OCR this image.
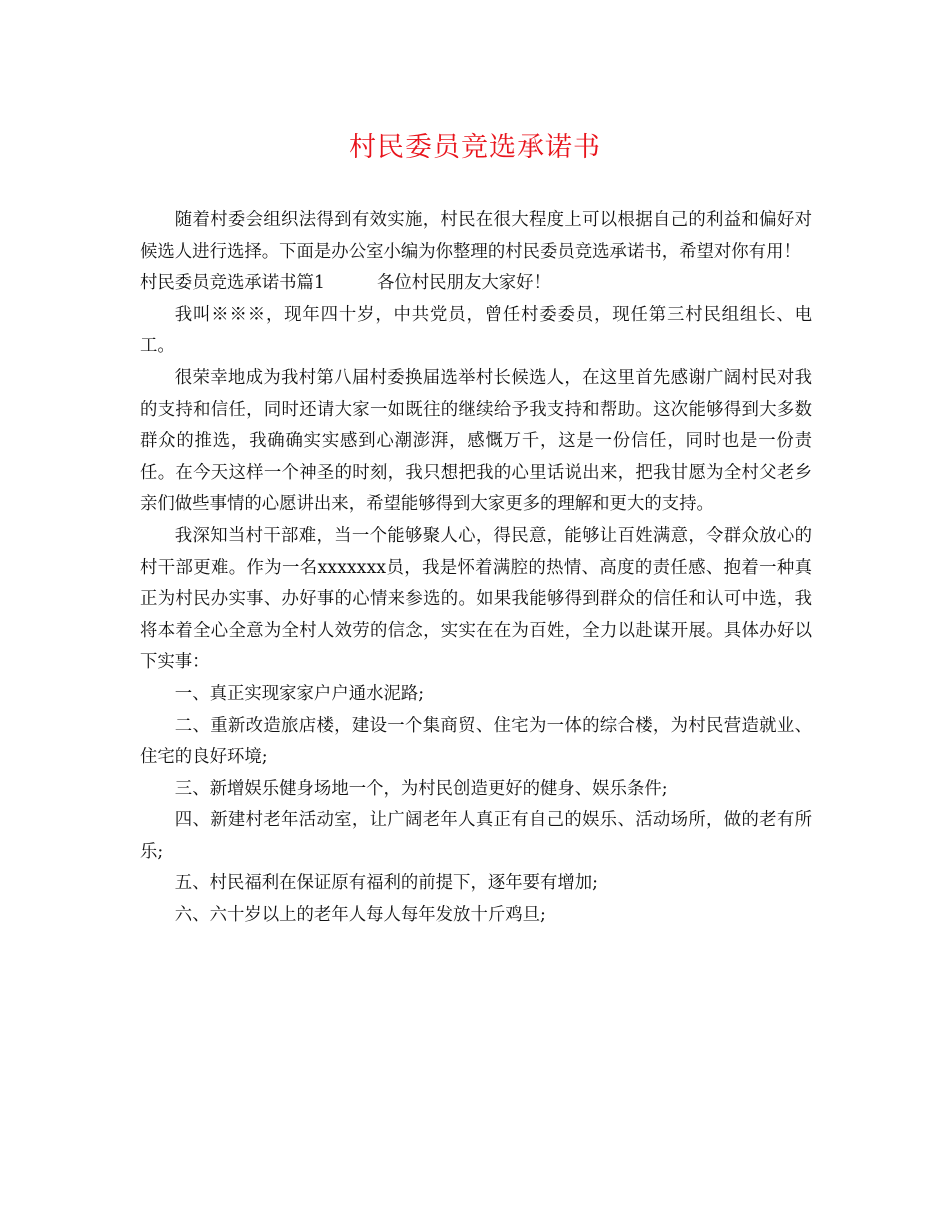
村民委员竞选承诺书

随着村委会组织法得到有效实施，村民在很大程度上可以根据自己的利益和偏好对候选人进行选择。下面是办公室小编为你整理的村民委员竞选承诺书，希望对你有用！

村民委员竞选承诺书篇1	各位村民朋友大家好！

我叫※※※，现年四十岁，中共党员，曾任村委委员，现任第三村民组组长、电工。

很荣幸地成为我村第八届村委换届选举村长候选人，在这里首先感谢广阔村民对我的支持和信任，同时还请大家一如既往的继续给予我支持和帮助。这次能够得到大多数群众的推选，我确确实实感到心潮澎湃，感慨万千，这是一份信任，同时也是一份责任。在今天这样一个神圣的时刻，我只想把我的心里话说出来，把我甘愿为全村父老乡亲们做些事情的心愿讲出来，希望能够得到大家更多的理解和更大的支持。

我深知当村干部难，当一个能够聚人心，得民意，能够让百姓满意，令群众放心的村干部更难。作为一名xxxxxxx员，我是怀着满腔的热情、高度的责任感、抱着一种真正为村民办实事、办好事的心情来参选的。如果我能够得到群众的信任和认可中选，我将本着全心全意为全村人效劳的信念，实实在在为百姓，全力以赴谋开展。具体办好以下实事：

一、真正实现家家户户通水泥路;

二、重新改造旅店楼，建设一个集商贸、住宅为一体的综合楼，为村民营造就业、住宅的良好环境;

三、新增娱乐健身场地一个，为村民创造更好的健身、娱乐条件;

四、新建村老年活动室，让广阔老年人真正有自己的娱乐、活动场所，做的老有所乐;

五、村民福利在保证原有福利的前提下，逐年要有增加;

六、六十岁以上的老年人每人每年发放十斤鸡旦;
